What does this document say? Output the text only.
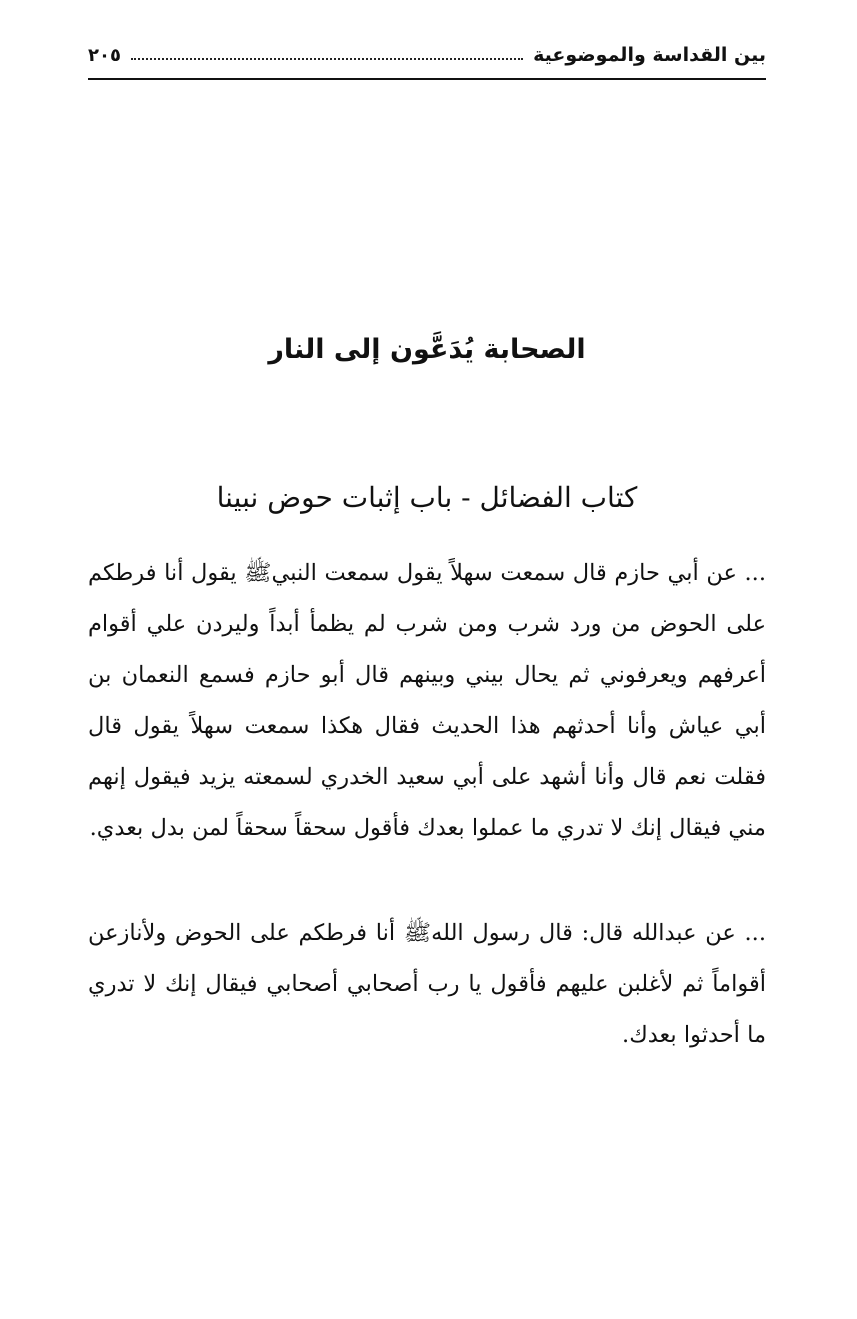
بين القداسة والموضوعية
٢٠٥
الصحابة يُدَعَّون إلى النار
كتاب الفضائل - باب إثبات حوض نبينا

... عن أبي حازم قال سمعت سهلاً يقول سمعت النبيﷺ يقول أنا فرطكم على الحوض من ورد شرب ومن شرب لم يظمأ أبداً وليردن علي أقوام أعرفهم ويعرفوني ثم يحال بيني وبينهم قال أبو حازم فسمع النعمان بن أبي عياش وأنا أحدثهم هذا الحديث فقال هكذا سمعت سهلاً يقول قال فقلت نعم قال وأنا أشهد على أبي سعيد الخدري لسمعته يزيد فيقول إنهم مني فيقال إنك لا تدري ما عملوا بعدك فأقول سحقاً سحقاً لمن بدل بعدي.

... عن عبدالله قال: قال رسول اللهﷺ أنا فرطكم على الحوض ولأنازعن أقواماً ثم لأغلبن عليهم فأقول يا رب أصحابي أصحابي فيقال إنك لا تدري ما أحدثوا بعدك.
